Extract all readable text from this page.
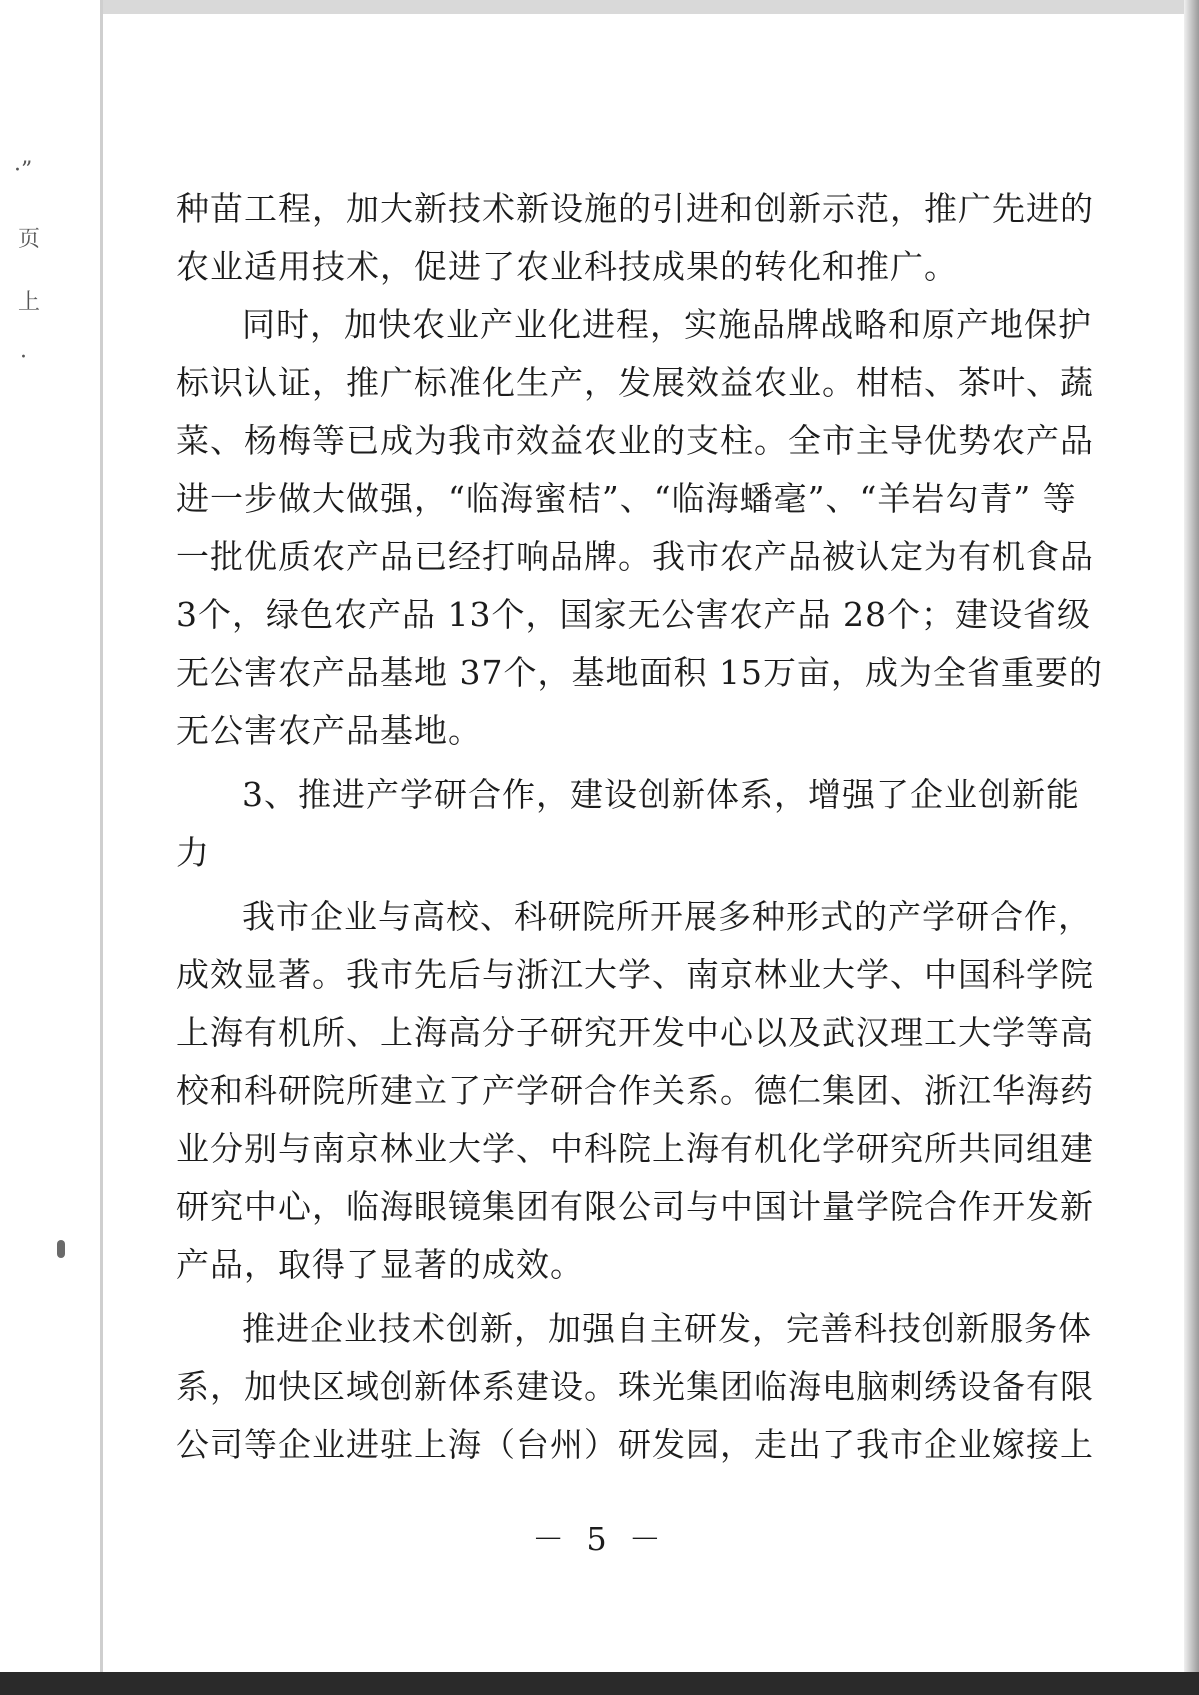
·”
页
上
·
种苗工程，加大新技术新设施的引进和创新示范，推广先进的
农业适用技术，促进了农业科技成果的转化和推广。
同时，加快农业产业化进程，实施品牌战略和原产地保护
标识认证，推广标准化生产，发展效益农业。柑桔、茶叶、蔬
菜、杨梅等已成为我市效益农业的支柱。全市主导优势农产品
进一步做大做强，“临海蜜桔”、“临海蟠毫”、“羊岩勾青” 等
一批优质农产品已经打响品牌。我市农产品被认定为有机食品
3个，绿色农产品 13个，国家无公害农产品 28个；建设省级
无公害农产品基地 37个，基地面积 15万亩，成为全省重要的
无公害农产品基地。
3、推进产学研合作，建设创新体系，增强了企业创新能
力
我市企业与高校、科研院所开展多种形式的产学研合作，
成效显著。我市先后与浙江大学、南京林业大学、中国科学院
上海有机所、上海高分子研究开发中心以及武汉理工大学等高
校和科研院所建立了产学研合作关系。德仁集团、浙江华海药
业分别与南京林业大学、中科院上海有机化学研究所共同组建
研究中心，临海眼镜集团有限公司与中国计量学院合作开发新
产品，取得了显著的成效。
推进企业技术创新，加强自主研发，完善科技创新服务体
系，加快区域创新体系建设。珠光集团临海电脑刺绣设备有限
公司等企业进驻上海（台州）研发园，走出了我市企业嫁接上
－ 5 －
